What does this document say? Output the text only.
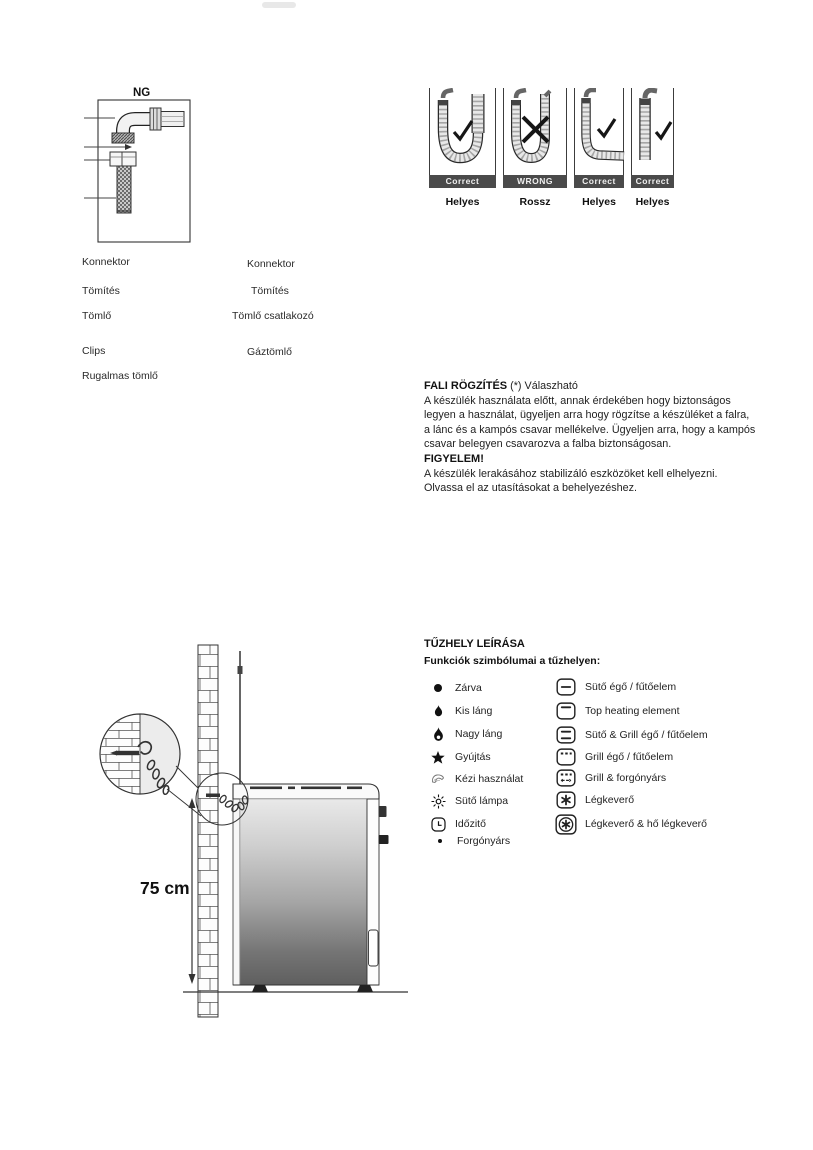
NG
Konnektor
Tömítés
Tömlő
Clips
Rugalmas tömlő
Konnektor
Tömítés
Tömlő csatlakozó
Gáztömlő
Correct
Helyes
WRONG
Rossz
Correct
Helyes
Correct
Helyes
FALI RÖGZÍTÉS (*) Válaszható
A készülék használata előtt, annak érdekében hogy biztonságos
legyen a használat, ügyeljen arra hogy rögzítse a készüléket a falra,
a lánc és a kampós csavar mellékelve. Ügyeljen arra, hogy a kampós
csavar belegyen csavarozva a falba biztonságosan.
FIGYELEM!
A készülék lerakásához stabilizáló eszközöket kell elhelyezni.
Olvassa el az utasításokat a behelyezéshez.
75 cm
TŰZHELY LEÍRÁSA
Funkciók szimbólumai a tűzhelyen:
Zárva
Kis láng
Nagy láng
Gyújtás
Kézi használat
Sütő lámpa
Időzitő
Forgónyárs
Sütő égő / fűtőelem
Top heating element
Sütő & Grill égő / fűtőelem
Grill égő / fűtőelem
Grill & forgónyárs
Légkeverő
Légkeverő & hő légkeverő
